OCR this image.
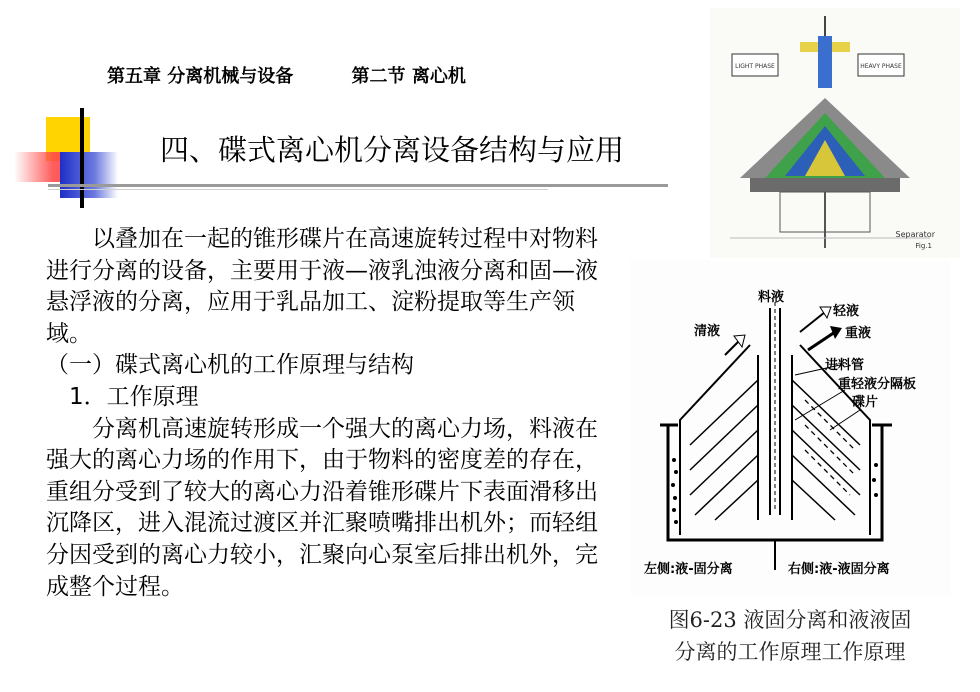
第五章 分离机械与设备	第二节 离心机
四、碟式离心机分离设备结构与应用

以叠加在一起的锥形碟片在高速旋转过程中对物料进行分离的设备，主要用于液—液乳浊液分离和固—液悬浮液的分离，应用于乳品加工、淀粉提取等生产领域。

（一）碟式离心机的工作原理与结构

1．工作原理

分离机高速旋转形成一个强大的离心力场，料液在强大的离心力场的作用下，由于物料的密度差的存在，重组分受到了较大的离心力沿着锥形碟片下表面滑移出沉降区，进入混流过渡区并汇聚喷嘴排出机外；而轻组分因受到的离心力较小，汇聚向心泵室后排出机外，完成整个过程。

LIGHT PHASE	HEAVY PHASE
Separator
Fig.1
料液
清液
轻液
重液
进料管
重轻液分隔板
碟片
左侧:液-固分离	右侧:液-液固分离
图6-23 液固分离和液液固
分离的工作原理工作原理
